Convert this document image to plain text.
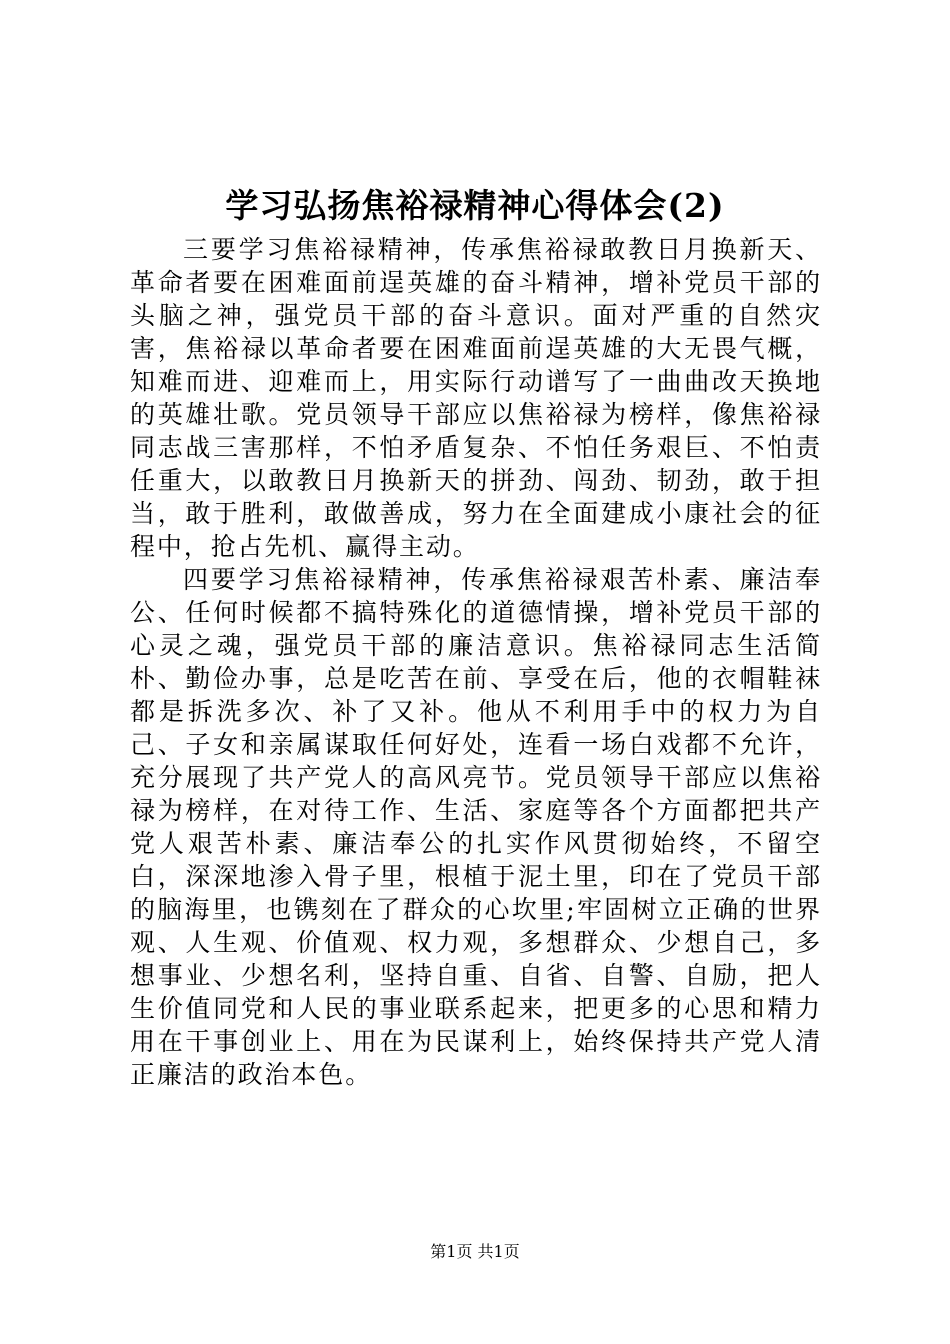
学习弘扬焦裕禄精神心得体会(2)

三要学习焦裕禄精神，传承焦裕禄敢教日月换新天、革命者要在困难面前逞英雄的奋斗精神，增补党员干部的头脑之神，强党员干部的奋斗意识。面对严重的自然灾害，焦裕禄以革命者要在困难面前逞英雄的大无畏气概，知难而进、迎难而上，用实际行动谱写了一曲曲改天换地的英雄壮歌。党员领导干部应以焦裕禄为榜样，像焦裕禄同志战三害那样，不怕矛盾复杂、不怕任务艰巨、不怕责任重大，以敢教日月换新天的拼劲、闯劲、韧劲，敢于担当，敢于胜利，敢做善成，努力在全面建成小康社会的征程中，抢占先机、赢得主动。

四要学习焦裕禄精神，传承焦裕禄艰苦朴素、廉洁奉公、任何时候都不搞特殊化的道德情操，增补党员干部的心灵之魂，强党员干部的廉洁意识。焦裕禄同志生活简朴、勤俭办事，总是吃苦在前、享受在后，他的衣帽鞋袜都是拆洗多次、补了又补。他从不利用手中的权力为自己、子女和亲属谋取任何好处，连看一场白戏都不允许，充分展现了共产党人的高风亮节。党员领导干部应以焦裕禄为榜样，在对待工作、生活、家庭等各个方面都把共产党人艰苦朴素、廉洁奉公的扎实作风贯彻始终，不留空白，深深地渗入骨子里，根植于泥土里，印在了党员干部的脑海里，也镌刻在了群众的心坎里;牢固树立正确的世界观、人生观、价值观、权力观，多想群众、少想自己，多想事业、少想名利，坚持自重、自省、自警、自励，把人生价值同党和人民的事业联系起来，把更多的心思和精力用在干事创业上、用在为民谋利上，始终保持共产党人清正廉洁的政治本色。

第1页 共1页
